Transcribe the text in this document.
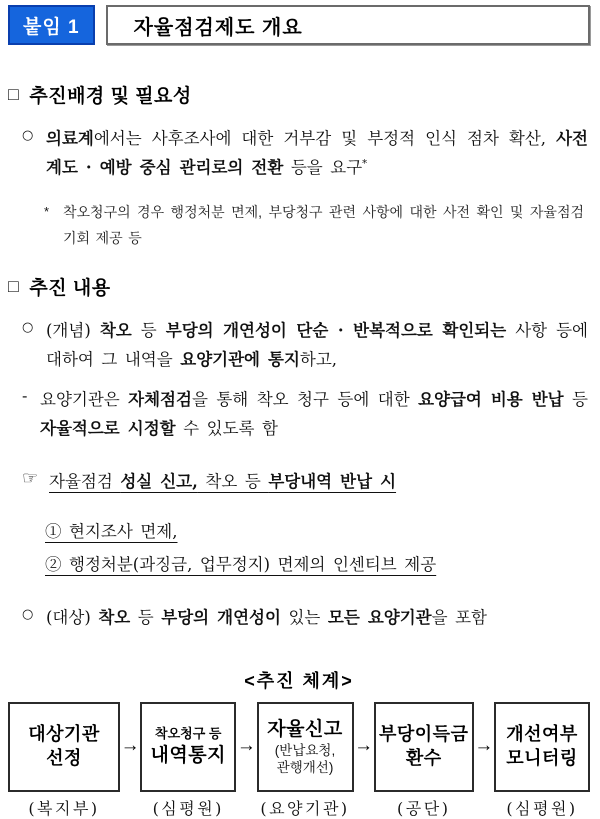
붙임 1	자율점검제도 개요
□ 추진배경 및 필요성
○ 의료계에서는 사후조사에 대한 거부감 및 부정적 인식 점차 확산, 사전 계도 · 예방 중심 관리로의 전환 등을 요구*
* 착오청구의 경우 행정처분 면제, 부당청구 관련 사항에 대한 사전 확인 및 자율점검 기회 제공 등
□ 추진 내용
○ (개념) 착오 등 부당의 개연성이 단순 · 반복적으로 확인되는 사항 등에 대하여 그 내역을 요양기관에 통지하고,
- 요양기관은 자체점검을 통해 착오 청구 등에 대한 요양급여 비용 반납 등 자율적으로 시정할 수 있도록 함
☞ 자율점검 성실 신고, 착오 등 부당내역 반납 시
① 현지조사 면제,
② 행정처분(과징금, 업무정지) 면제의 인센티브 제공
○ (대상) 착오 등 부당의 개연성이 있는 모든 요양기관을 포함
<추진 체계>
대상기관
선정
(복지부)
→
착오청구 등
내역통지
(심평원)
→
자율신고
(반납요청,
관행개선)
(요양기관)
→
부당이득금
환수
(공단)
→
개선여부
모니터링
(심평원)
